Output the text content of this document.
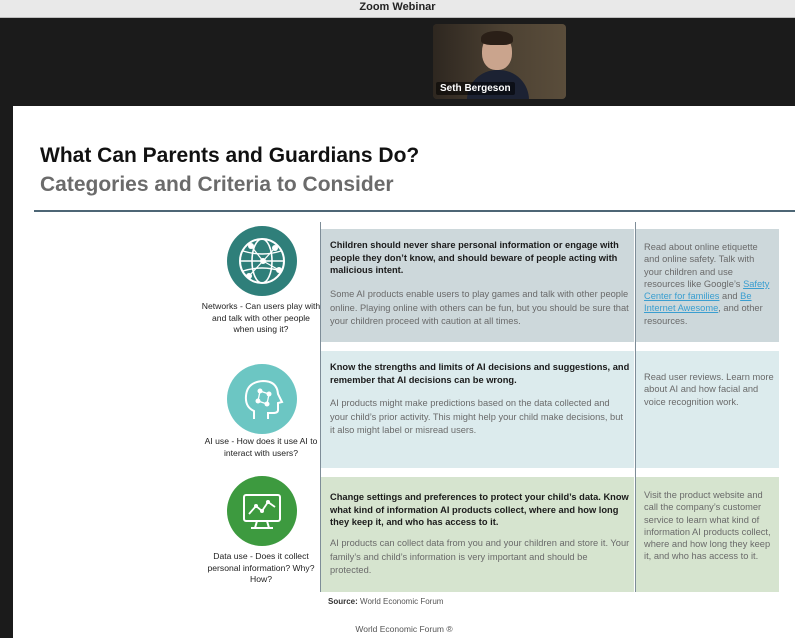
Zoom Webinar
Seth Bergeson
What Can Parents and Guardians Do?
Categories and Criteria to Consider
Networks - Can users play with and talk with other people when using it?
Children should never share personal information or engage with people they don’t know, and should beware of people acting with malicious intent.
Some AI products enable users to play games and talk with other people online. Playing online with others can be fun, but you should be sure that your children proceed with caution at all times.
Read about online etiquette and online safety. Talk with your children and use resources like Google’s Safety Center for families and Be Internet Awesome, and other resources.
AI use - How does it use AI to interact with users?
Know the strengths and limits of AI decisions and suggestions, and remember that AI decisions can be wrong.
AI products might make predictions based on the data collected and your child’s prior activity. This might help your child make decisions, but it also might label or misread users.
Read user reviews. Learn more about AI and how facial and voice recognition work.
Data use - Does it collect personal information? Why? How?
Change settings and preferences to protect your child’s data. Know what kind of information AI products collect, where and how long they keep it, and who has access to it.
AI products can collect data from you and your children and store it. Your family’s and child’s information is very important and should be protected.
Visit the product website and call the company’s customer service to learn what kind of information AI products collect, where and how long they keep it, and who has access to it.
Source: World Economic Forum
World Economic Forum ®
